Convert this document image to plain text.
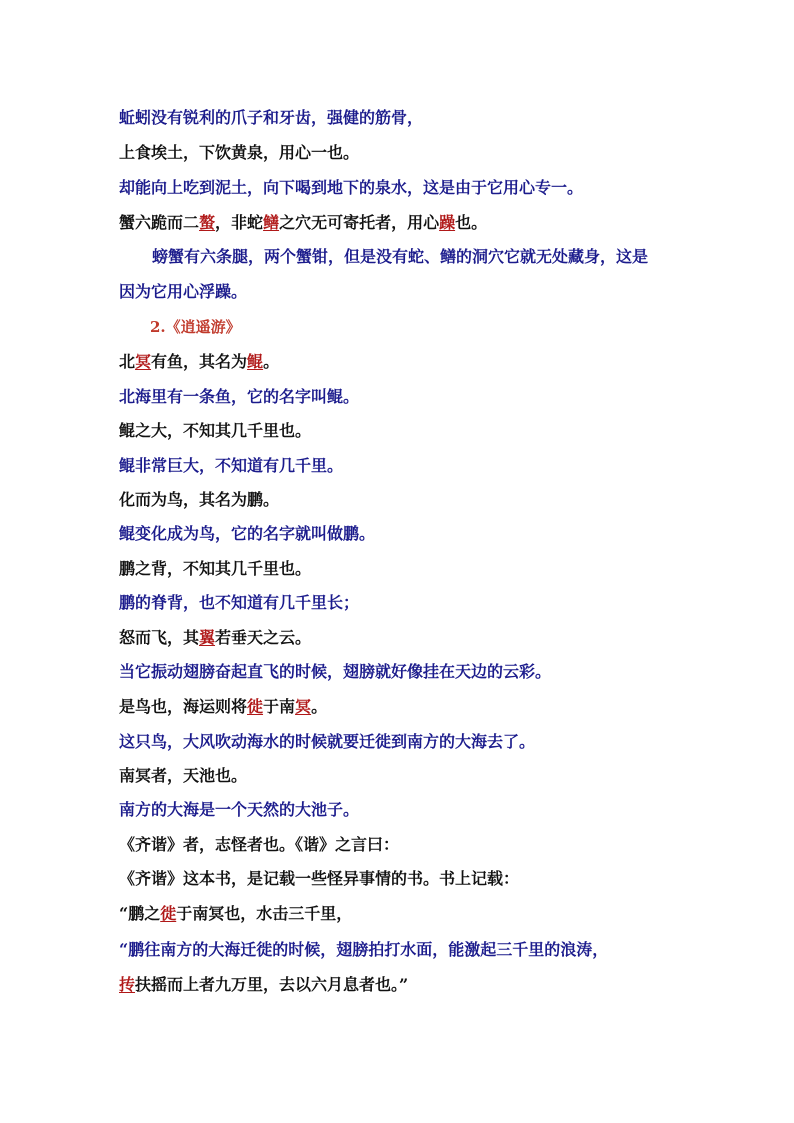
蚯蚓没有锐利的爪子和牙齿，强健的筋骨，
上食埃土，下饮黄泉，用心一也。
却能向上吃到泥土，向下喝到地下的泉水，这是由于它用心专一。
蟹六跪而二螯，非蛇鳝之穴无可寄托者，用心躁也。
螃蟹有六条腿，两个蟹钳，但是没有蛇、鳝的洞穴它就无处藏身，这是
因为它用心浮躁。
2.《逍遥游》
北冥有鱼，其名为鲲。
北海里有一条鱼，它的名字叫鲲。
鲲之大，不知其几千里也。
鲲非常巨大，不知道有几千里。
化而为鸟，其名为鹏。
鲲变化成为鸟，它的名字就叫做鹏。
鹏之背，不知其几千里也。
鹏的脊背，也不知道有几千里长；
怒而飞，其翼若垂天之云。
当它振动翅膀奋起直飞的时候，翅膀就好像挂在天边的云彩。
是鸟也，海运则将徙于南冥。
这只鸟，大风吹动海水的时候就要迁徙到南方的大海去了。
南冥者，天池也。
南方的大海是一个天然的大池子。
《齐谐》者，志怪者也。《谐》之言曰：
《齐谐》这本书，是记载一些怪异事情的书。书上记载：
“鹏之徙于南冥也，水击三千里，
“鹏往南方的大海迁徙的时候，翅膀拍打水面，能激起三千里的浪涛，
抟扶摇而上者九万里，去以六月息者也。”
